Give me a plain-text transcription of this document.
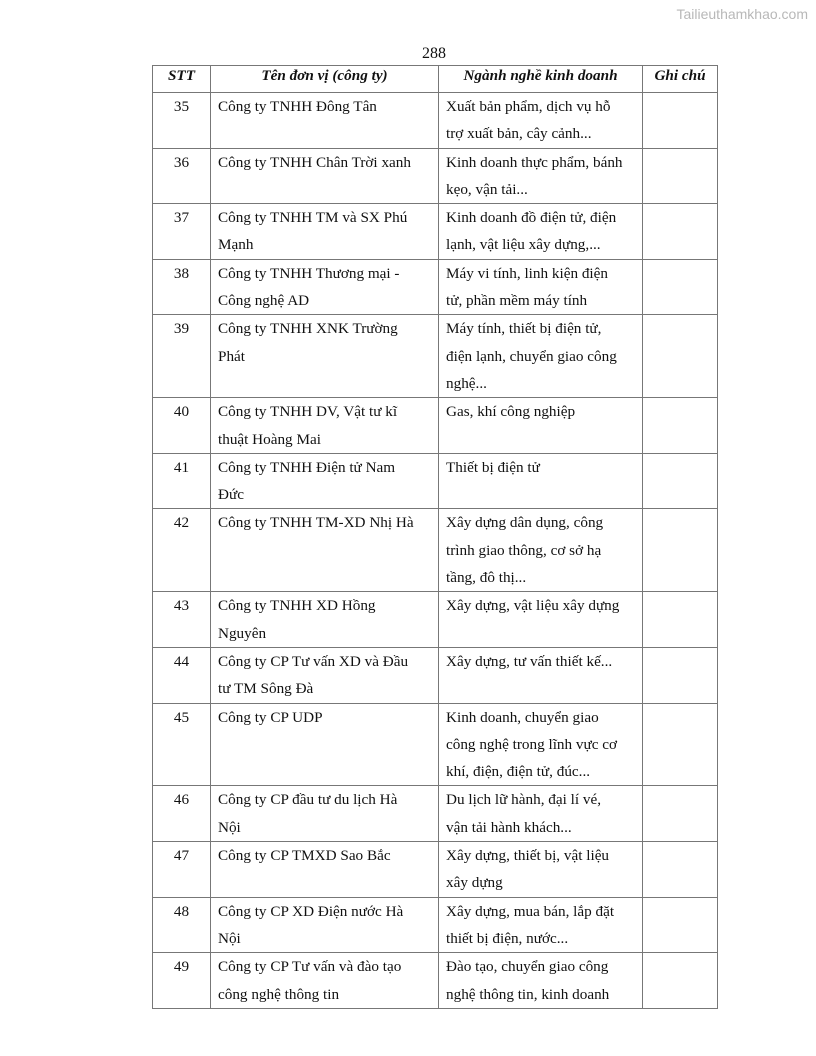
Tailieuthamkhao.com
288
STT	Tên đơn vị (công ty)	Ngành nghề kinh doanh	Ghi chú
35	Công ty TNHH Đông Tân	Xuất bản phẩm, dịch vụ hỗ
trợ xuất bản, cây cảnh...	

36	Công ty TNHH Chân Trời xanh	Kinh doanh thực phẩm, bánh
kẹo, vận tải...	

37	Công ty TNHH TM và SX Phú
Mạnh	Kinh doanh đồ điện tử, điện
lạnh, vật liệu xây dựng,...	

38	Công ty TNHH Thương mại -
Công nghệ AD	Máy vi tính, linh kiện điện
tử, phần mềm máy tính	

39	Công ty TNHH XNK Trường
Phát	Máy tính, thiết bị điện tử,
điện lạnh, chuyển giao công
nghệ...	

40	Công ty TNHH DV, Vật tư kĩ
thuật Hoàng Mai	Gas, khí công nghiệp	

41	Công ty TNHH Điện tử Nam
Đức	Thiết bị điện tử	

42	Công ty TNHH TM-XD Nhị Hà	Xây dựng dân dụng, công
trình giao thông, cơ sở hạ
tầng, đô thị...	

43	Công ty TNHH XD Hồng
Nguyên	Xây dựng, vật liệu xây dựng	

44	Công ty CP Tư vấn XD và Đầu
tư TM Sông Đà	Xây dựng, tư vấn thiết kế...	

45	Công ty CP UDP	Kinh doanh, chuyển giao
công nghệ trong lĩnh vực cơ
khí, điện, điện tử, đúc...	

46	Công ty CP đầu tư du lịch Hà
Nội	Du lịch lữ hành, đại lí vé,
vận tải hành khách...	

47	Công ty CP TMXD Sao Bắc	Xây dựng, thiết bị, vật liệu
xây dựng	

48	Công ty CP XD Điện nước Hà
Nội	Xây dựng, mua bán, lắp đặt
thiết bị điện, nước...	

49	Công ty CP Tư vấn và đào tạo
công nghệ thông tin	Đào tạo, chuyển giao công
nghệ thông tin, kinh doanh	
